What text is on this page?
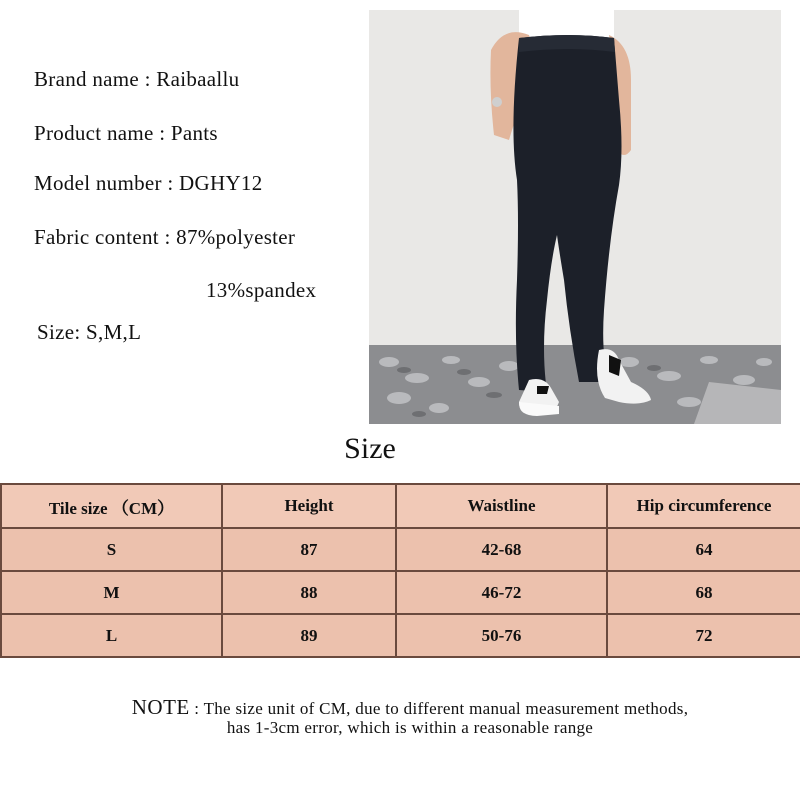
Brand name : Raibaallu
Product name : Pants
Model number : DGHY12
Fabric content : 87%polyester
13%spandex
Size: S,M,L
Size
Tile size （CM）	Height	Waistline	Hip circumference
S	87	42-68	64
M	88	46-72	68
L	89	50-76	72
NOTE : The size unit of CM, due to different manual measurement methods,
has 1-3cm error, which is within a reasonable range
